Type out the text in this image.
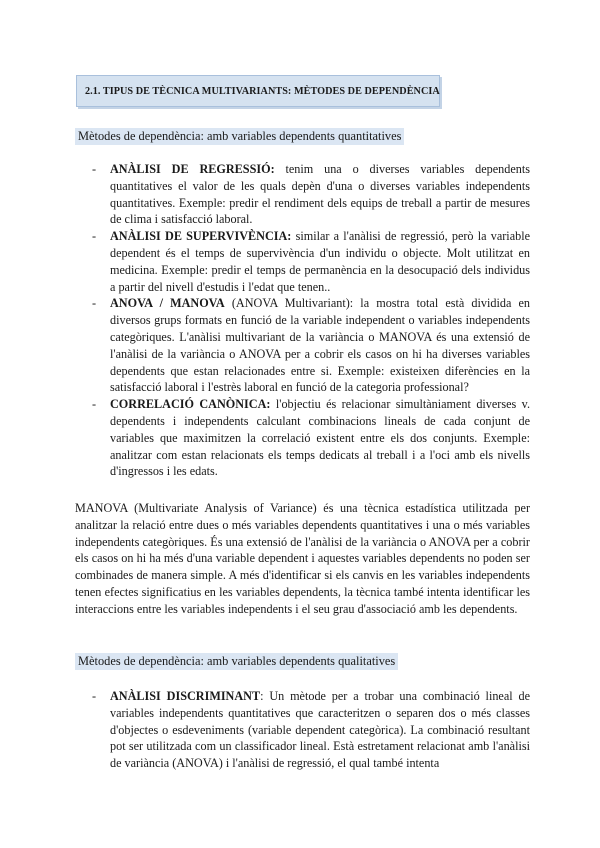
2.1. TIPUS DE TÈCNICA MULTIVARIANTS: MÈTODES DE DEPENDÈNCIA
Mètodes de dependència: amb variables dependents quantitatives
- ANÀLISI DE REGRESSIÓ: tenim una o diverses variables dependents quantitatives el valor de les quals depèn d'una o diverses variables independents quantitatives. Exemple: predir el rendiment dels equips de treball a partir de mesures de clima i satisfacció laboral.
- ANÀLISI DE SUPERVIVÈNCIA: similar a l'anàlisi de regressió, però la variable dependent és el temps de supervivència d'un individu o objecte. Molt utilitzat en medicina. Exemple: predir el temps de permanència en la desocupació dels individus a partir del nivell d'estudis i l'edat que tenen..
- ANOVA / MANOVA (ANOVA Multivariant): la mostra total està dividida en diversos grups formats en funció de la variable independent o variables independents categòriques. L'anàlisi multivariant de la variància o MANOVA és una extensió de l'anàlisi de la variància o ANOVA per a cobrir els casos on hi ha diverses variables dependents que estan relacionades entre si. Exemple: existeixen diferències en la satisfacció laboral i l'estrès laboral en funció de la categoria professional?
- CORRELACIÓ CANÒNICA: l'objectiu és relacionar simultàniament diverses v. dependents i independents calculant combinacions lineals de cada conjunt de variables que maximitzen la correlació existent entre els dos conjunts. Exemple: analitzar com estan relacionats els temps dedicats al treball i a l'oci amb els nivells d'ingressos i les edats.

MANOVA (Multivariate Analysis of Variance) és una tècnica estadística utilitzada per analitzar la relació entre dues o més variables dependents quantitatives i una o més variables independents categòriques. És una extensió de l'anàlisi de la variància o ANOVA per a cobrir els casos on hi ha més d'una variable dependent i aquestes variables dependents no poden ser combinades de manera simple. A més d'identificar si els canvis en les variables independents tenen efectes significatius en les variables dependents, la tècnica també intenta identificar les interaccions entre les variables independents i el seu grau d'associació amb les dependents.

Mètodes de dependència: amb variables dependents qualitatives
- ANÀLISI DISCRIMINANT: Un mètode per a trobar una combinació lineal de variables independents quantitatives que caracteritzen o separen dos o més classes d'objectes o esdeveniments (variable dependent categòrica). La combinació resultant pot ser utilitzada com un classificador lineal. Està estretament relacionat amb l'anàlisi de variància (ANOVA) i l'anàlisi de regressió, el qual també intenta
